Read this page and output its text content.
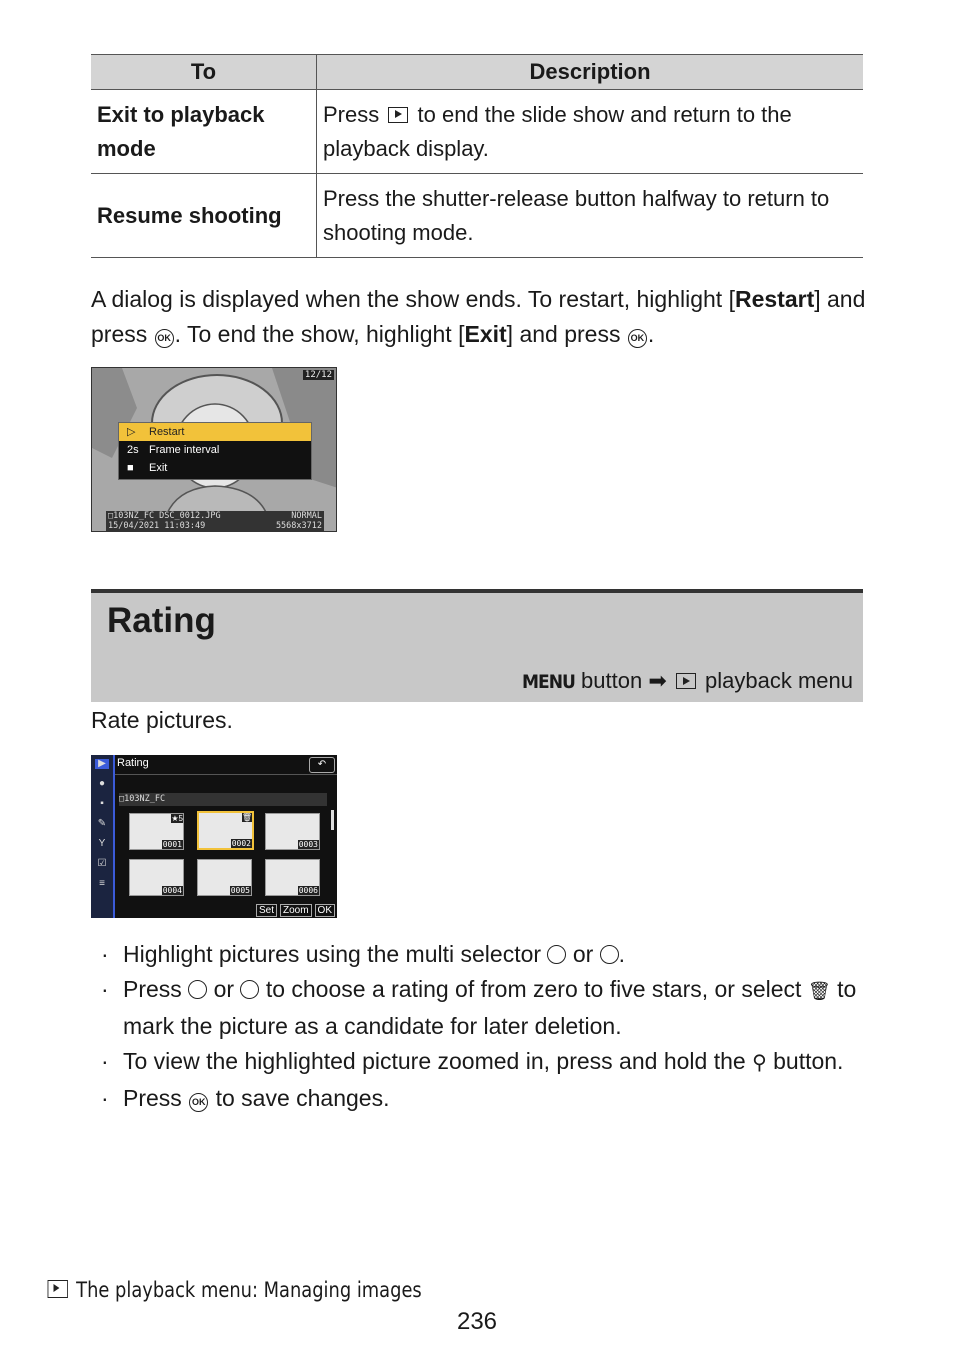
To	Description
Exit to playback mode	Press to end the slide show and return to the playback display.
Resume shooting	Press the shutter-release button halfway to return to shooting mode.
A dialog is displayed when the show ends. To restart, highlight [Restart] and press OK . To end the show, highlight [Exit] and press OK .
12/12
▷	Restart
2s Frame interval
■	Exit
□103NZ_FC DSC_0012.JPG	NORMAL
15/04/2021 11:03:49	5568x3712
Rating
MENU button ➡ playback menu
Rate pictures.
▶
●
▪
✎
Y
☑
≡
Rating	↶
□103NZ_FC
★5
0001
🗑
0002	0003
0004	0005	0006
Set Zoom OK
· Highlight pictures using the multi selector or .
· Press or to choose a rating of from zero to five stars, or select 🗑 to mark the picture as a candidate for later deletion.
· To view the highlighted picture zoomed in, press and hold the ⚲ button.
· Press OK to save changes.
The playback menu: Managing images
236
